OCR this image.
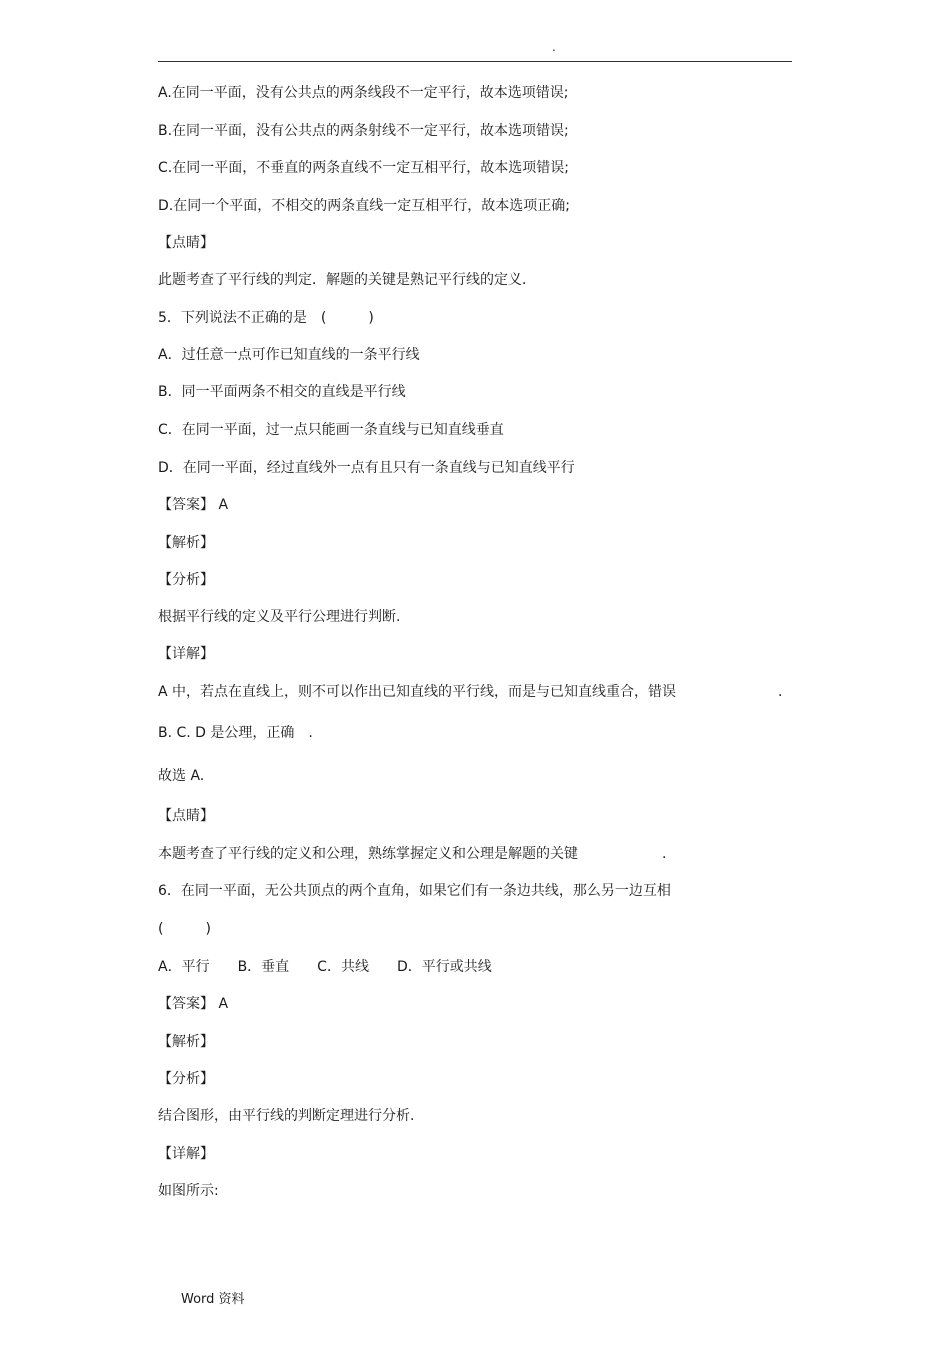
.
A.在同一平面，没有公共点的两条线段不一定平行，故本选项错误;
B.在同一平面，没有公共点的两条射线不一定平行，故本选项错误;
C.在同一平面，不垂直的两条直线不一定互相平行，故本选项错误;
D.在同一个平面，不相交的两条直线一定互相平行，故本选项正确;
【点睛】
此题考查了平行线的判定．解题的关键是熟记平行线的定义．
5．下列说法不正确的是　(　　　)
A．过任意一点可作已知直线的一条平行线
B．同一平面两条不相交的直线是平行线
C．在同一平面，过一点只能画一条直线与已知直线垂直
D．在同一平面，经过直线外一点有且只有一条直线与已知直线平行
【答案】 A
【解析】
【分析】
根据平行线的定义及平行公理进行判断.
【详解】
A 中，若点在直线上，则不可以作出已知直线的平行线，而是与已知直线重合，错误	.
B. C. D 是公理，正确　.
故选 A.
【点睛】
本题考查了平行线的定义和公理，熟练掌握定义和公理是解题的关键	.
6．在同一平面，无公共顶点的两个直角，如果它们有一条边共线，那么另一边互相
(　　　)
A．平行　　B．垂直　　C．共线　　D．平行或共线
【答案】 A
【解析】
【分析】
结合图形，由平行线的判断定理进行分析.
【详解】
如图所示:
Word 资料
